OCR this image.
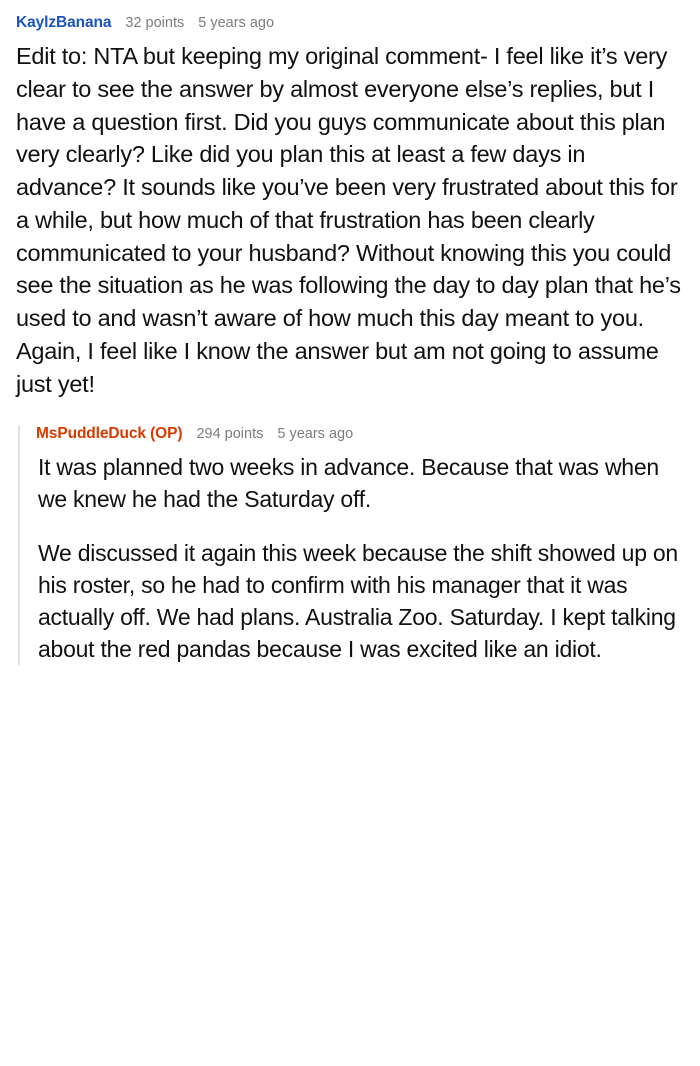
KaylzBanana 32 points 5 years ago

Edit to: NTA but keeping my original comment- I feel like it’s very clear to see the answer by almost everyone else’s replies, but I have a question first. Did you guys communicate about this plan very clearly? Like did you plan this at least a few days in advance? It sounds like you’ve been very frustrated about this for a while, but how much of that frustration has been clearly communicated to your husband? Without knowing this you could see the situation as he was following the day to day plan that he’s used to and wasn’t aware of how much this day meant to you. Again, I feel like I know the answer but am not going to assume just yet!

MsPuddleDuck (OP) 294 points 5 years ago

It was planned two weeks in advance. Because that was when we knew he had the Saturday off.

We discussed it again this week because the shift showed up on his roster, so he had to confirm with his manager that it was actually off. We had plans. Australia Zoo. Saturday. I kept talking about the red pandas because I was excited like an idiot.
